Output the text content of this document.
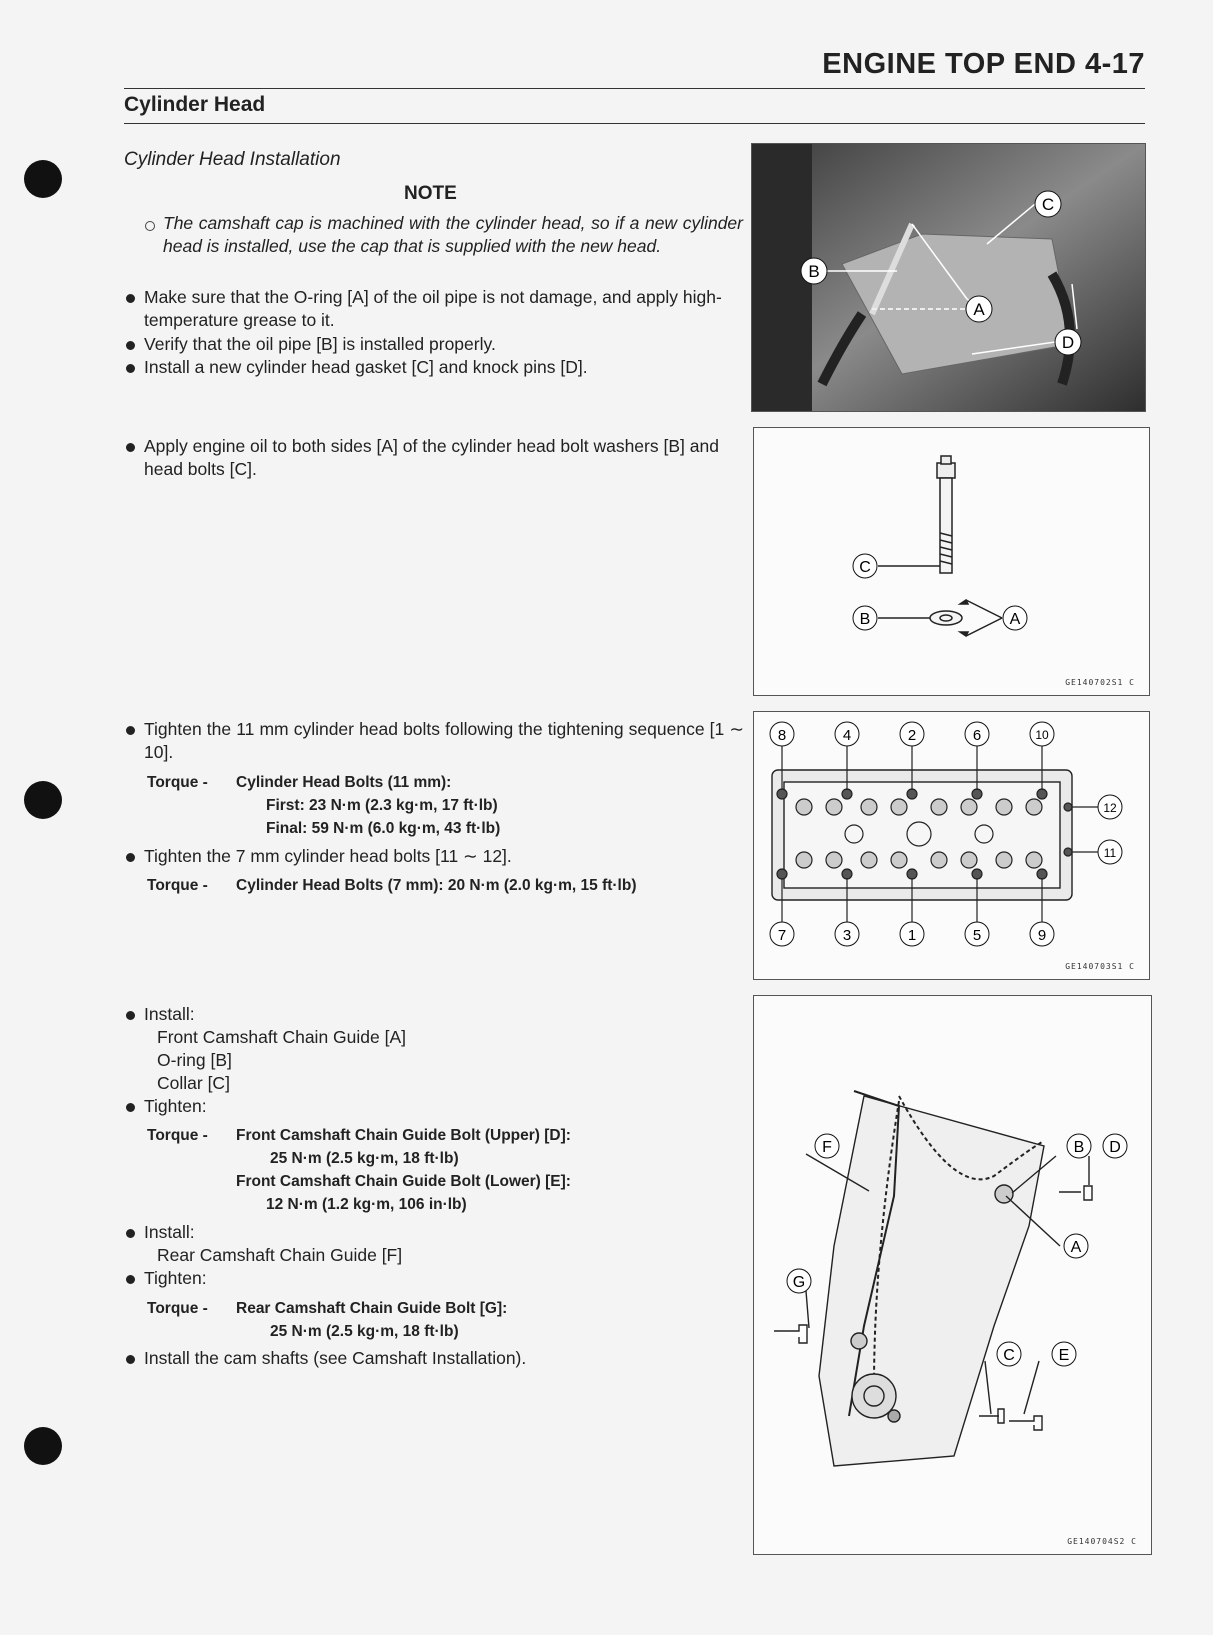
ENGINE TOP END 4-17
Cylinder Head
Cylinder Head Installation
NOTE
The camshaft cap is machined with the cylinder head, so if a new cylinder head is installed, use the cap that is supplied with the new head.
Make sure that the O-ring [A] of the oil pipe is not damage, and apply high-temperature grease to it.
Verify that the oil pipe [B] is installed properly.
Install a new cylinder head gasket [C] and knock pins [D].
Apply engine oil to both sides [A] of the cylinder head bolt washers [B] and head bolts [C].
Tighten the 11 mm cylinder head bolts following the tightening sequence [1 ∼ 10].
Torque - Cylinder Head Bolts (11 mm):
First: 23 N·m (2.3 kg·m, 17 ft·lb)
Final: 59 N·m (6.0 kg·m, 43 ft·lb)
Tighten the 7 mm cylinder head bolts [11 ∼ 12].
Torque - Cylinder Head Bolts (7 mm): 20 N·m (2.0 kg·m, 15 ft·lb)
Install:
Front Camshaft Chain Guide [A]
O-ring [B]
Collar [C]
Tighten:
Torque - Front Camshaft Chain Guide Bolt (Upper) [D]:
25 N·m (2.5 kg·m, 18 ft·lb)
Front Camshaft Chain Guide Bolt (Lower) [E]:
12 N·m (1.2 kg·m, 106 in·lb)
Install:
Rear Camshaft Chain Guide [F]
Tighten:
Torque - Rear Camshaft Chain Guide Bolt [G]:
25 N·m (2.5 kg·m, 18 ft·lb)
Install the cam shafts (see Camshaft Installation).
B
C
A
D
C
B	A
GE140702S1 C
8	4	2	6	10
7	3	1	5	9
12
11
GE140703S1 C
F	B D
A
G
C	E
GE140704S2 C
